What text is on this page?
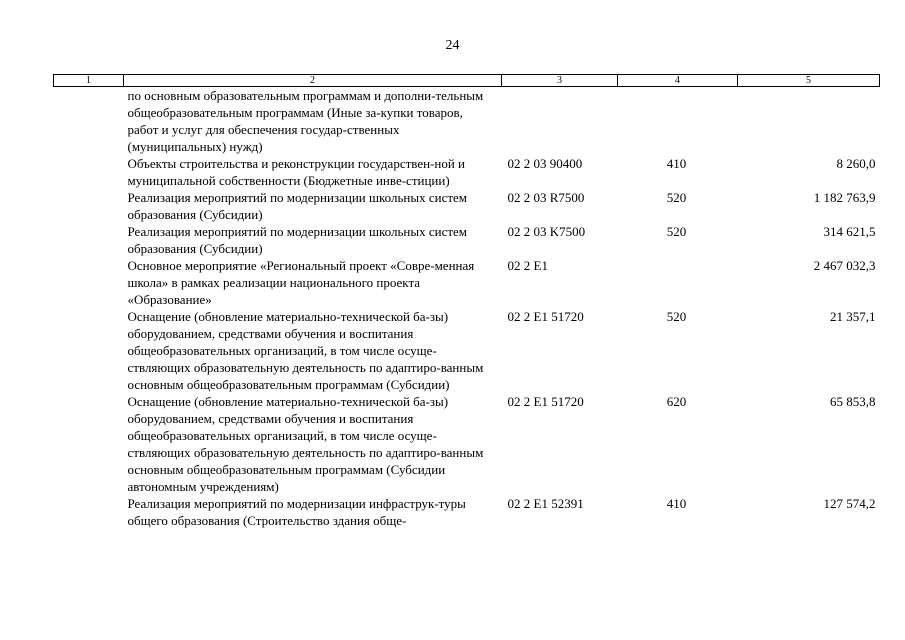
24
1	2	3	4	5
	по основным образовательным программам и дополни-тельным общеобразовательным программам (Иные за-купки товаров, работ и услуг для обеспечения государ-ственных (муниципальных) нужд)			
	Объекты строительства и реконструкции государствен-ной и муниципальной собственности (Бюджетные инве-стиции)	02 2 03 90400	410	8 260,0
	Реализация мероприятий по модернизации школьных систем образования (Субсидии)	02 2 03 R7500	520	1 182 763,9
	Реализация мероприятий по модернизации школьных систем образования (Субсидии)	02 2 03 K7500	520	314 621,5
	Основное мероприятие «Региональный проект «Совре-менная школа» в рамках реализации национального проекта «Образование»	02 2 E1		2 467 032,3
	Оснащение (обновление материально-технической ба-зы) оборудованием, средствами обучения и воспитания общеобразовательных организаций, в том числе осуще-ствляющих образовательную деятельность по адаптиро-ванным основным общеобразовательным программам (Субсидии)	02 2 E1 51720	520	21 357,1
	Оснащение (обновление материально-технической ба-зы) оборудованием, средствами обучения и воспитания общеобразовательных организаций, в том числе осуще-ствляющих образовательную деятельность по адаптиро-ванным основным общеобразовательным программам (Субсидии автономным учреждениям)	02 2 E1 51720	620	65 853,8
	Реализация мероприятий по модернизации инфраструк-туры общего образования (Строительство здания обще-	02 2 E1 52391	410	127 574,2
